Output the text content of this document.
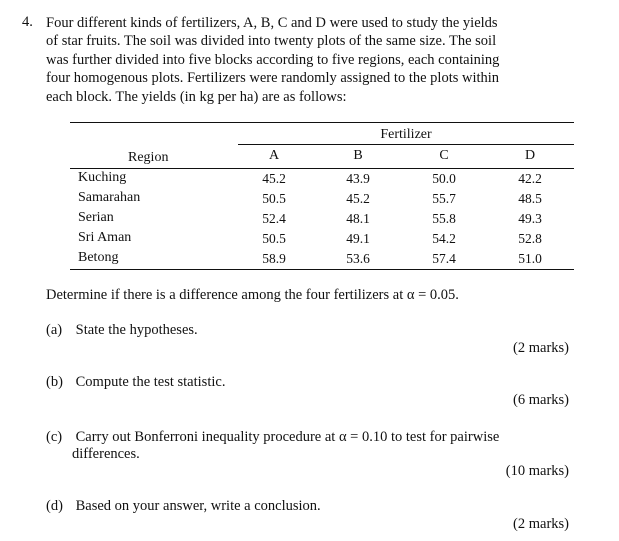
4. Four different kinds of fertilizers, A, B, C and D were used to study the yields
of star fruits. The soil was divided into twenty plots of the same size. The soil
was further divided into five blocks according to five regions, each containing
four homogenous plots. Fertilizers were randomly assigned to the plots within
each block. The yields (in kg per ha) are as follows:
Fertilizer
Region	A	B	C	D
Kuching	45.2	43.9	50.0	42.2
Samarahan	50.5	45.2	55.7	48.5
Serian	52.4	48.1	55.8	49.3
Sri Aman	50.5	49.1	54.2	52.8
Betong	58.9	53.6	57.4	51.0
Determine if there is a difference among the four fertilizers at α = 0.05.
(a) State the hypotheses.
(2 marks)
(b) Compute the test statistic.
(6 marks)
(c) Carry out Bonferroni inequality procedure at α = 0.10 to test for pairwise
differences.
(10 marks)
(d) Based on your answer, write a conclusion.
(2 marks)
